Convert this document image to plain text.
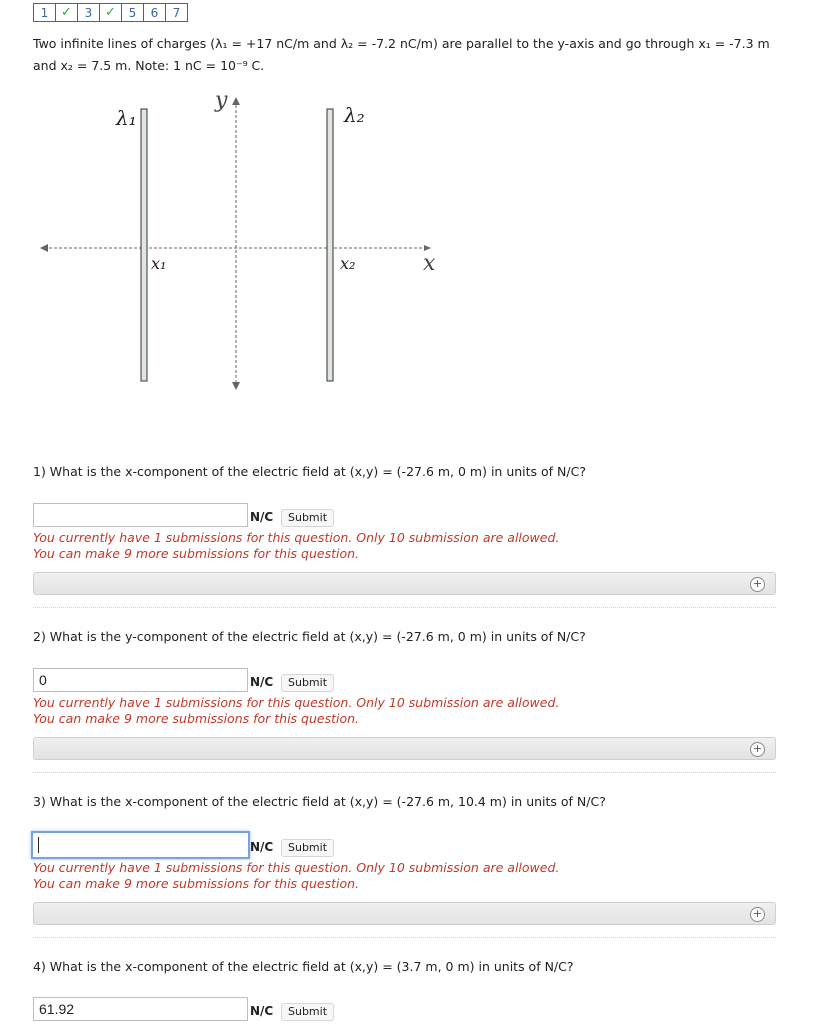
1 ✓	3 ✓	5	6	7
Two infinite lines of charges (λ₁ = +17 nC/m and λ₂ = -7.2 nC/m) are parallel to the y-axis and go through x₁ = -7.3 m
and x₂ = 7.5 m. Note: 1 nC = 10⁻⁹ C.
λ₁	λ₂
y
x
x₁	x₂
1) What is the x-component of the electric field at (x,y) = (-27.6 m, 0 m) in units of N/C?
N/C	Submit
You currently have 1 submissions for this question. Only 10 submission are allowed.
You can make 9 more submissions for this question.
+
2) What is the y-component of the electric field at (x,y) = (-27.6 m, 0 m) in units of N/C?
0	N/C	Submit
You currently have 1 submissions for this question. Only 10 submission are allowed.
You can make 9 more submissions for this question.
+
3) What is the x-component of the electric field at (x,y) = (-27.6 m, 10.4 m) in units of N/C?
N/C	Submit
You currently have 1 submissions for this question. Only 10 submission are allowed.
You can make 9 more submissions for this question.
+
4) What is the x-component of the electric field at (x,y) = (3.7 m, 0 m) in units of N/C?
61.92	N/C	Submit
